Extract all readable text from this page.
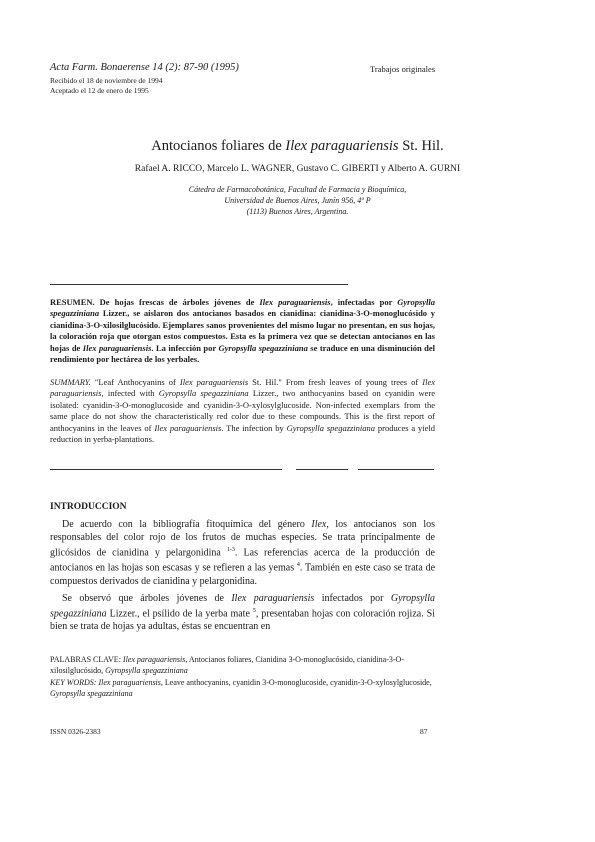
Acta Farm. Bonaerense 14 (2): 87-90 (1995)	Trabajos originales
Recibido el 18 de noviembre de 1994
Aceptado el 12 de enero de 1995
Antocianos foliares de Ilex paraguariensis St. Hil.
Rafael A. RICCO, Marcelo L. WAGNER, Gustavo C. GIBERTI y Alberto A. GURNI
Cátedra de Farmacobotánica, Facultad de Farmacia y Bioquímica,
Universidad de Buenos Aires, Junín 956, 4º P
(1113) Buenos Aires, Argentina.

RESUMEN. De hojas frescas de árboles jóvenes de Ilex paraguariensis, infectadas por Gyropsylla spegazziniana Lizzer., se aislaron dos antocianos basados en cianidina: cianidina-3-O-monoglucósido y cianidina-3-O-xilosilglucósido. Ejemplares sanos provenientes del mismo lugar no presentan, en sus hojas, la coloración roja que otorgan estos compuestos. Esta es la primera vez que se detectan antocianos en las hojas de Ilex paraguariensis. La infección por Gyropsylla spegazziniana se traduce en una disminución del rendimiento por hectárea de los yerbales.

SUMMARY. "Leaf Anthocyanins of Ilex paraguariensis St. Hil." From fresh leaves of young trees of Ilex paraguariensis, infected with Gyropsylla spegazziniana Lizzer., two anthocyanins based on cyanidin were isolated: cyanidin-3-O-monoglucoside and cyanidin-3-O-xylosylglucoside. Non-infected exemplars from the same place do not show the characteristically red color due to these compounds. This is the first report of anthocyanins in the leaves of Ilex paraguariensis. The infection by Gyropsylla spegazziniana produces a yield reduction in yerba-plantations.

INTRODUCCION

De acuerdo con la bibliografía fitoquímica del género Ilex, los antocianos son los responsables del color rojo de los frutos de muchas especies. Se trata principalmente de glicósidos de cianidina y pelargonidina $^{1-3}$. Las referencias acerca de la producción de antocianos en las hojas son escasas y se refieren a las yemas $^4$. También en este caso se trata de compuestos derivados de cianidina y pelargonidina.

Se observó que árboles jóvenes de Ilex paraguariensis infectados por Gyropsylla spegazziniana Lizzer., el psílido de la yerba mate $^5$, presentaban hojas con coloración rojiza. Si bien se trata de hojas ya adultas, éstas se encuentran en

PALABRAS CLAVE: Ilex paraguariensis, Antocianos foliares, Cianidina 3-O-monoglucósido, cianidina-3-O-xilosilglucósido, Gyropsylla spegazziniana

KEY WORDS: Ilex paraguariensis, Leave anthocyanins, cyanidin 3-O-monoglucoside, cyanidin-3-O-xylosylglucoside, Gyropsylla spegazziniana

ISSN 0326-2383	87
